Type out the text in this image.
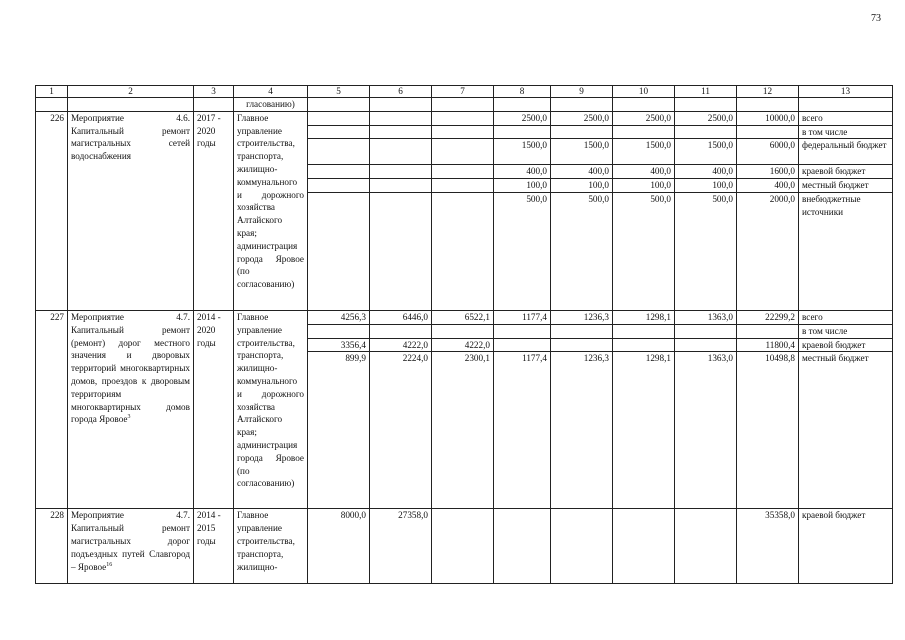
73
1	2	3	4	5	6	7	8	9	10	11	12	13
			гласованию)									
226	Мероприятие 4.6. Капитальный ремонт магистральных сетей водоснабжения	2017 - 2020 годы	Главное управление строительства, транспорта, жилищно-коммунального и дорожного хозяйства Алтайского края; администрация города Яровое (по согласованию)				2500,0	2500,0	2500,0	2500,0	10000,0	всего
												в том числе
							1500,0	1500,0	1500,0	1500,0	6000,0	федеральный бюджет
							400,0	400,0	400,0	400,0	1600,0	краевой бюджет
							100,0	100,0	100,0	100,0	400,0	местный бюджет
							500,0	500,0	500,0	500,0	2000,0	внебюджетные источники
227	Мероприятие 4.7. Капитальный ремонт (ремонт) дорог местного значения и дворовых территорий многоквартирных домов, проездов к дворовым территориям многоквартирных домов города Яровое$^3$	2014 - 2020 годы	Главное управление строительства, транспорта, жилищно-коммунального и дорожного хозяйства Алтайского края; администрация города Яровое (по согласованию)	4256,3	6446,0	6522,1	1177,4	1236,3	1298,1	1363,0	22299,2	всего
												в том числе
				3356,4	4222,0	4222,0					11800,4	краевой бюджет
				899,9	2224,0	2300,1	1177,4	1236,3	1298,1	1363,0	10498,8	местный бюджет
228	Мероприятие 4.7. Капитальный ремонт магистральных дорог подъездных путей Славгород – Яровое$^{16}$	2014 - 2015 годы	Главное управление строительства, транспорта, жилищно-	8000,0	27358,0						35358,0	краевой бюджет
